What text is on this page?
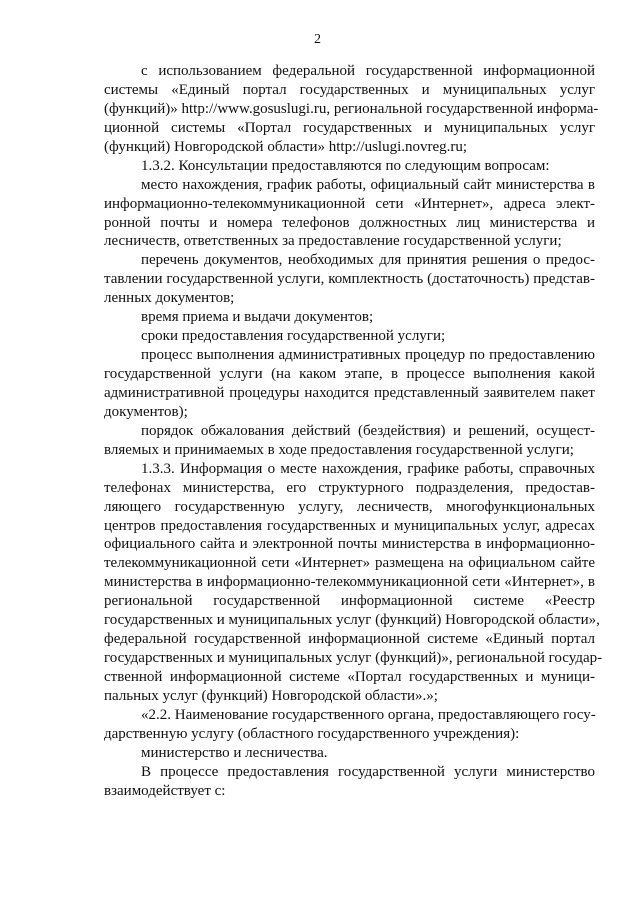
2
с использованием федеральной государственной информационной
системы «Единый портал государственных и муниципальных услуг
(функций)» http://www.gosuslugi.ru, региональной государственной информа-
ционной системы «Портал государственных и муниципальных услуг
(функций) Новгородской области» http://uslugi.novreg.ru;
1.3.2. Консультации предоставляются по следующим вопросам:
место нахождения, график работы, официальный сайт министерства в
информационно-телекоммуникационной сети «Интернет», адреса элект-
ронной почты и номера телефонов должностных лиц министерства и
лесничеств, ответственных за предоставление государственной услуги;
перечень документов, необходимых для принятия решения о предос-
тавлении государственной услуги, комплектность (достаточность) представ-
ленных документов;
время приема и выдачи документов;
сроки предоставления государственной услуги;
процесс выполнения административных процедур по предоставлению
государственной услуги (на каком этапе, в процессе выполнения какой
административной процедуры находится представленный заявителем пакет
документов);
порядок обжалования действий (бездействия) и решений, осущест-
вляемых и принимаемых в ходе предоставления государственной услуги;
1.3.3. Информация о месте нахождения, графике работы, справочных
телефонах министерства, его структурного подразделения, предостав-
ляющего государственную услугу, лесничеств, многофункциональных
центров предоставления государственных и муниципальных услуг, адресах
официального сайта и электронной почты министерства в информационно-
телекоммуникационной сети «Интернет» размещена на официальном сайте
министерства в информационно-телекоммуникационной сети «Интернет», в
региональной государственной информационной системе «Реестр
государственных и муниципальных услуг (функций) Новгородской области»,
федеральной государственной информационной системе «Единый портал
государственных и муниципальных услуг (функций)», региональной государ-
ственной информационной системе «Портал государственных и муници-
пальных услуг (функций) Новгородской области».»;
«2.2. Наименование государственного органа, предоставляющего госу-
дарственную услугу (областного государственного учреждения):
министерство и лесничества.
В процессе предоставления государственной услуги министерство
взаимодействует с:
